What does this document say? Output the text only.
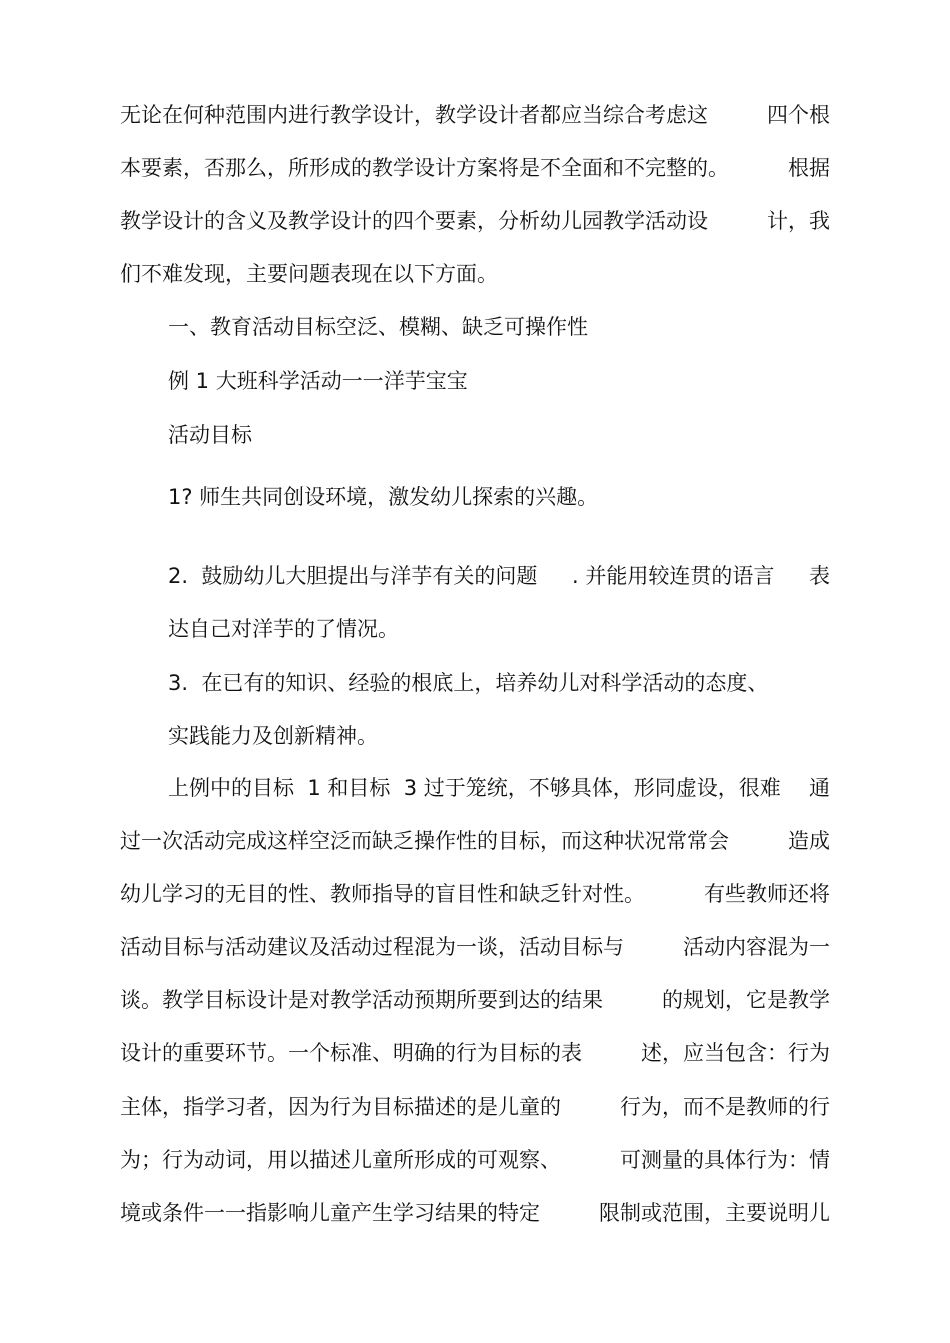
无论在何种范围内进行教学设计，教学设计者都应当综合考虑这	四个根
本要素，否那么，所形成的教学设计方案将是不全面和不完整的。	根据
教学设计的含义及教学设计的四个要素，分析幼儿园教学活动设	计，我
们不难发现，主要问题表现在以下方面。
一、教育活动目标空泛、模糊、缺乏可操作性
例 1 大班科学活动一一洋芋宝宝
活动目标
1? 师生共同创设环境，激发幼儿探索的兴趣。
2.  鼓励幼儿大胆提出与洋芋有关的问题 . 并能用较连贯的语言 表
达自己对洋芋的了情况。
3.  在已有的知识、经验的根底上，培养幼儿对科学活动的态度、
实践能力及创新精神。
上例中的目标  1 和目标  3 过于笼统，不够具体，形同虚设，很难 通
过一次活动完成这样空泛而缺乏操作性的目标，而这种状况常常会	造成
幼儿学习的无目的性、教师指导的盲目性和缺乏针对性。	有些教师还将
活动目标与活动建议及活动过程混为一谈，活动目标与	活动内容混为一
谈。教学目标设计是对教学活动预期所要到达的结果	的规划，它是教学
设计的重要环节。一个标准、明确的行为目标的表	述，应当包含：行为
主体，指学习者，因为行为目标描述的是儿童的	行为，而不是教师的行
为；行为动词，用以描述儿童所形成的可观察、	可测量的具体行为：情
境或条件一一指影响儿童产生学习结果的特定	限制或范围，主要说明儿
